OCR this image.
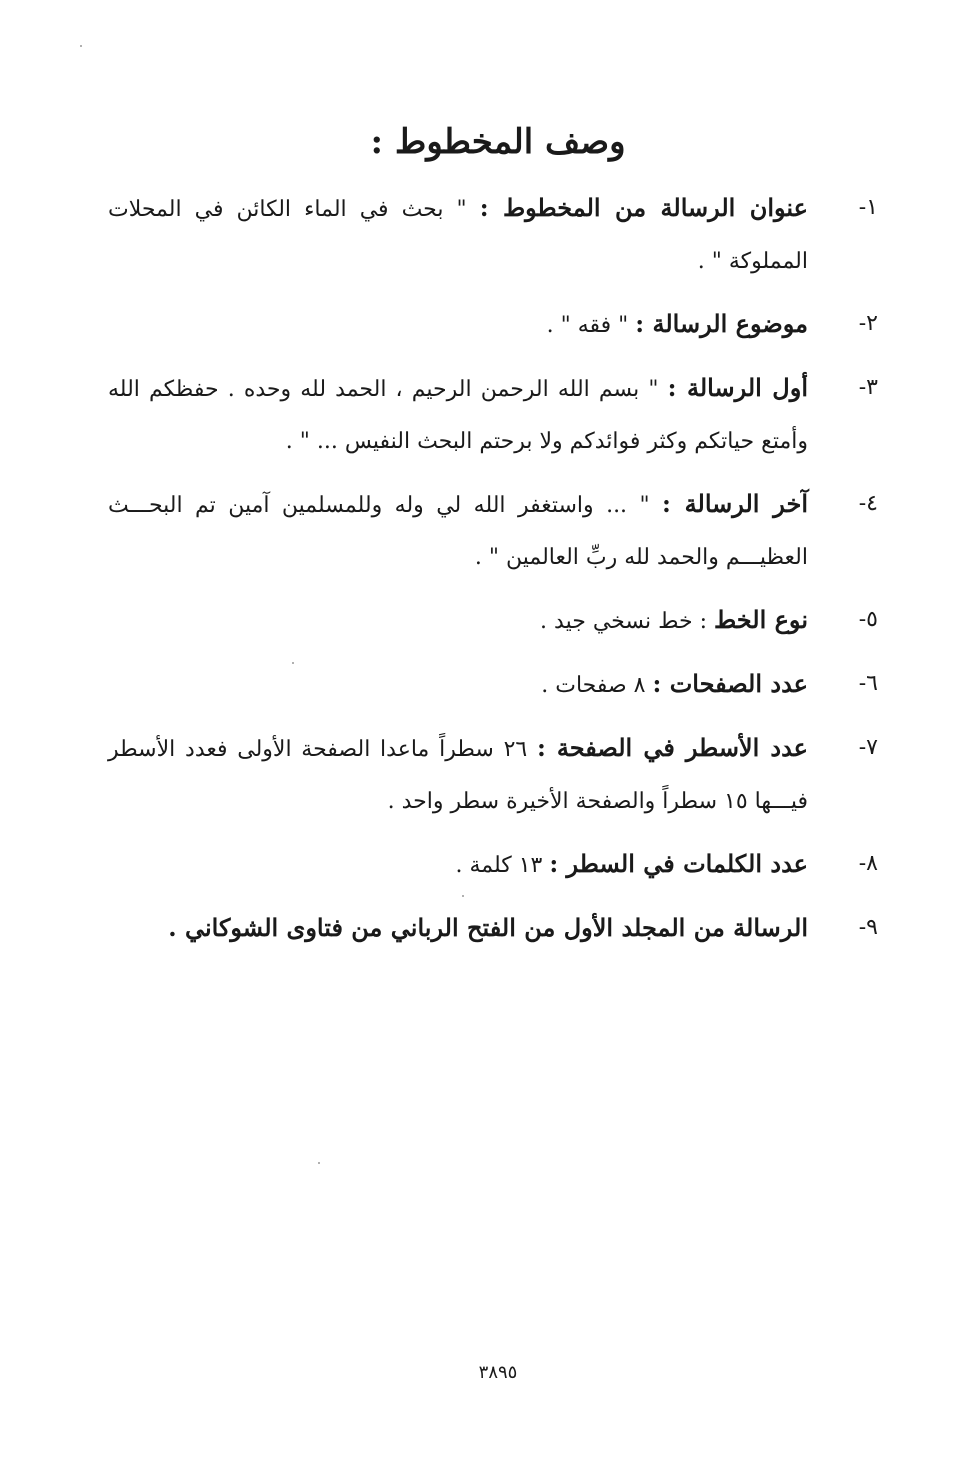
وصف المخطوط :
١-
عنوان الرسالة من المخطوط : " بحث في الماء الكائن في المحلات المملوكة " .
٢-
موضوع الرسالة : " فقه " .
٣-
أول الرسالة : " بسم الله الرحمن الرحيم ، الحمد لله وحده . حفظكم الله وأمتع حياتكم وكثر فوائدكم ولا برحتم البحث النفيس ... " .
٤-
آخر الرسالة : " ... واستغفر الله لي وله وللمسلمين آمين تم البحـــث العظيـــم والحمد لله ربِّ العالمين " .
٥-
نوع الخط : خط نسخي جيد .
٦-
عدد الصفحات : ٨ صفحات .
٧-
عدد الأسطر في الصفحة : ٢٦ سطراً ماعدا الصفحة الأولى فعدد الأسطر فيـــها ١٥ سطراً والصفحة الأخيرة سطر واحد .
٨-
عدد الكلمات في السطر : ١٣ كلمة .
٩-
الرسالة من المجلد الأول من الفتح الرباني من فتاوى الشوكاني .
٣٨٩٥
